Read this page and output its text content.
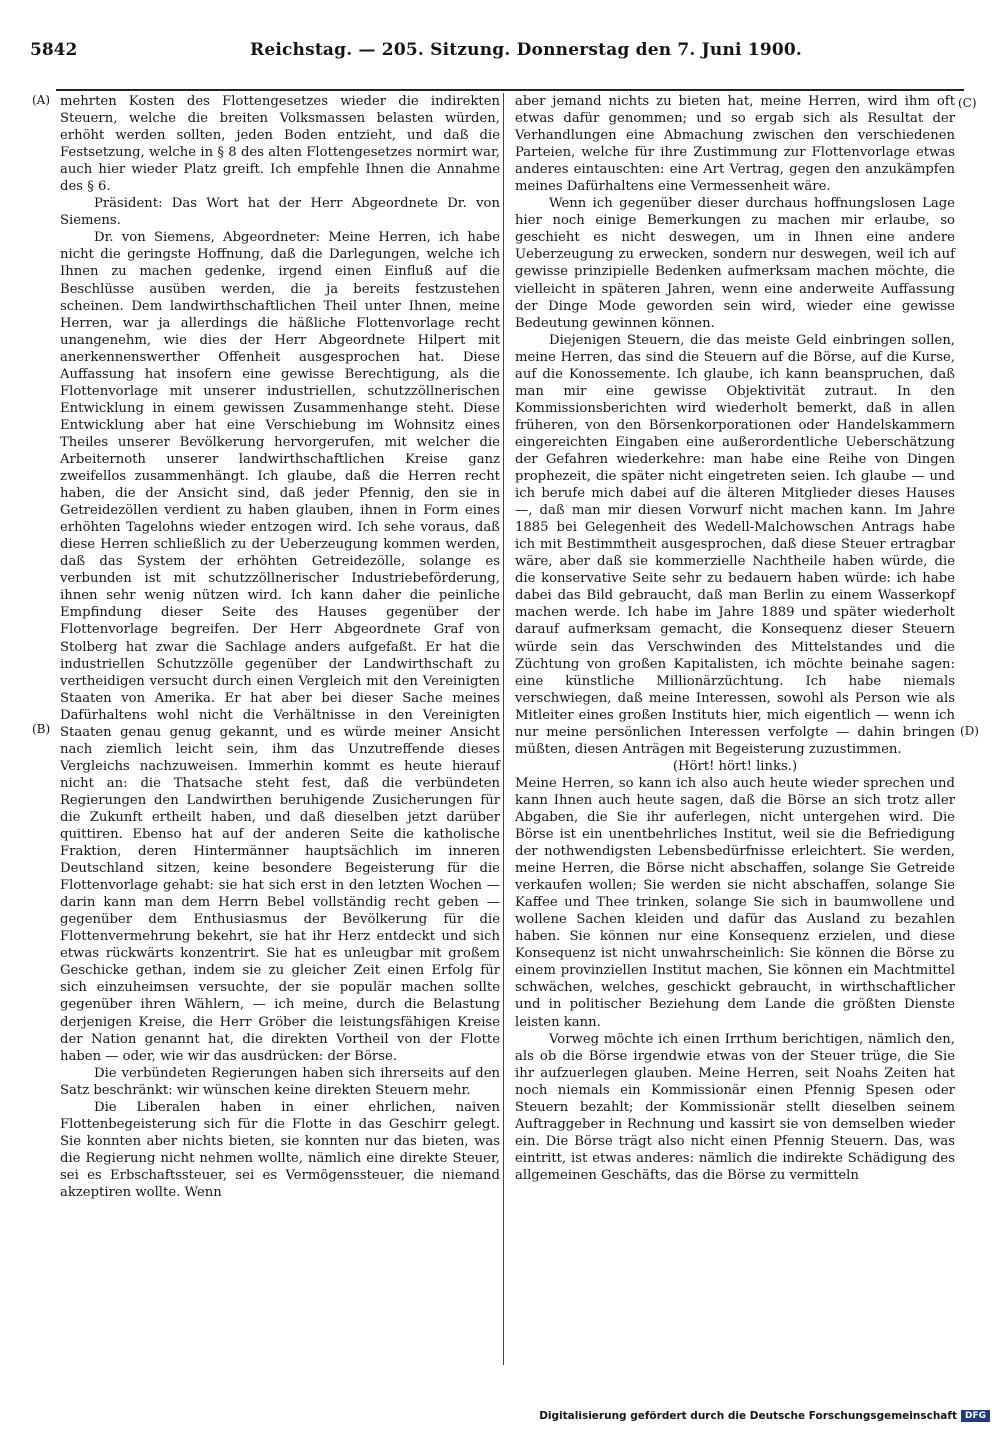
5842	Reichstag. — 205. Sitzung. Donnerstag den 7. Juni 1900.
(A)
(B)
(C)
(D)

mehrten Kosten des Flottengesetzes wieder die indirekten Steuern, welche die breiten Volksmassen belasten würden, erhöht werden sollten, jeden Boden entzieht, und daß die Festsetzung, welche in § 8 des alten Flottengesetzes normirt war, auch hier wieder Platz greift. Ich empfehle Ihnen die Annahme des § 6.

Präsident: Das Wort hat der Herr Abgeordnete Dr. von Siemens.

Dr. von Siemens, Abgeordneter: Meine Herren, ich habe nicht die geringste Hoffnung, daß die Darlegungen, welche ich Ihnen zu machen gedenke, irgend einen Einfluß auf die Beschlüsse ausüben werden, die ja bereits festzustehen scheinen. Dem landwirthschaftlichen Theil unter Ihnen, meine Herren, war ja allerdings die häßliche Flottenvorlage recht unangenehm, wie dies der Herr Abgeordnete Hilpert mit anerkennenswerther Offenheit ausgesprochen hat. Diese Auffassung hat insofern eine gewisse Berechtigung, als die Flottenvorlage mit unserer industriellen, schutzzöllnerischen Entwicklung in einem gewissen Zusammenhange steht. Diese Entwicklung aber hat eine Verschiebung im Wohnsitz eines Theiles unserer Bevölkerung hervorgerufen, mit welcher die Arbeiternoth unserer landwirthschaftlichen Kreise ganz zweifellos zusammenhängt. Ich glaube, daß die Herren recht haben, die der Ansicht sind, daß jeder Pfennig, den sie in Getreidezöllen verdient zu haben glauben, ihnen in Form eines erhöhten Tagelohns wieder entzogen wird. Ich sehe voraus, daß diese Herren schließlich zu der Ueberzeugung kommen werden, daß das System der erhöhten Getreidezölle, solange es verbunden ist mit schutzzöllnerischer Industriebeförderung, ihnen sehr wenig nützen wird. Ich kann daher die peinliche Empfindung dieser Seite des Hauses gegenüber der Flottenvorlage begreifen. Der Herr Abgeordnete Graf von Stolberg hat zwar die Sachlage anders aufgefaßt. Er hat die industriellen Schutzzölle gegenüber der Landwirthschaft zu vertheidigen versucht durch einen Vergleich mit den Vereinigten Staaten von Amerika. Er hat aber bei dieser Sache meines Dafürhaltens wohl nicht die Verhältnisse in den Vereinigten Staaten genau genug gekannt, und es würde meiner Ansicht nach ziemlich leicht sein, ihm das Unzutreffende dieses Vergleichs nachzuweisen. Immerhin kommt es heute hierauf nicht an: die Thatsache steht fest, daß die verbündeten Regierungen den Landwirthen beruhigende Zusicherungen für die Zukunft ertheilt haben, und daß dieselben jetzt darüber quittiren. Ebenso hat auf der anderen Seite die katholische Fraktion, deren Hintermänner hauptsächlich im inneren Deutschland sitzen, keine besondere Begeisterung für die Flottenvorlage gehabt: sie hat sich erst in den letzten Wochen — darin kann man dem Herrn Bebel vollständig recht geben — gegenüber dem Enthusiasmus der Bevölkerung für die Flottenvermehrung bekehrt, sie hat ihr Herz entdeckt und sich etwas rückwärts konzentrirt. Sie hat es unleugbar mit großem Geschicke gethan, indem sie zu gleicher Zeit einen Erfolg für sich einzuheimsen versuchte, der sie populär machen sollte gegenüber ihren Wählern, — ich meine, durch die Belastung derjenigen Kreise, die Herr Gröber die leistungsfähigen Kreise der Nation genannt hat, die direkten Vortheil von der Flotte haben — oder, wie wir das ausdrücken: der Börse.

Die verbündeten Regierungen haben sich ihrerseits auf den Satz beschränkt: wir wünschen keine direkten Steuern mehr.

Die Liberalen haben in einer ehrlichen, naiven Flottenbegeisterung sich für die Flotte in das Geschirr gelegt. Sie konnten aber nichts bieten, sie konnten nur das bieten, was die Regierung nicht nehmen wollte, nämlich eine direkte Steuer, sei es Erbschaftssteuer, sei es Vermögenssteuer, die niemand akzeptiren wollte. Wenn

aber jemand nichts zu bieten hat, meine Herren, wird ihm oft etwas dafür genommen; und so ergab sich als Resultat der Verhandlungen eine Abmachung zwischen den verschiedenen Parteien, welche für ihre Zustimmung zur Flottenvorlage etwas anderes eintauschten: eine Art Vertrag, gegen den anzukämpfen meines Dafürhaltens eine Vermessenheit wäre.

Wenn ich gegenüber dieser durchaus hoffnungslosen Lage hier noch einige Bemerkungen zu machen mir erlaube, so geschieht es nicht deswegen, um in Ihnen eine andere Ueberzeugung zu erwecken, sondern nur deswegen, weil ich auf gewisse prinzipielle Bedenken aufmerksam machen möchte, die vielleicht in späteren Jahren, wenn eine anderweite Auffassung der Dinge Mode geworden sein wird, wieder eine gewisse Bedeutung gewinnen können.

Diejenigen Steuern, die das meiste Geld einbringen sollen, meine Herren, das sind die Steuern auf die Börse, auf die Kurse, auf die Konossemente. Ich glaube, ich kann beanspruchen, daß man mir eine gewisse Objektivität zutraut. In den Kommissionsberichten wird wiederholt bemerkt, daß in allen früheren, von den Börsenkorporationen oder Handelskammern eingereichten Eingaben eine außerordentliche Ueberschätzung der Gefahren wiederkehre: man habe eine Reihe von Dingen prophezeit, die später nicht eingetreten seien. Ich glaube — und ich berufe mich dabei auf die älteren Mitglieder dieses Hauses —, daß man mir diesen Vorwurf nicht machen kann. Im Jahre 1885 bei Gelegenheit des Wedell-Malchowschen Antrags habe ich mit Bestimmtheit ausgesprochen, daß diese Steuer ertragbar wäre, aber daß sie kommerzielle Nachtheile haben würde, die die konservative Seite sehr zu bedauern haben würde: ich habe dabei das Bild gebraucht, daß man Berlin zu einem Wasserkopf machen werde. Ich habe im Jahre 1889 und später wiederholt darauf aufmerksam gemacht, die Konsequenz dieser Steuern würde sein das Verschwinden des Mittelstandes und die Züchtung von großen Kapitalisten, ich möchte beinahe sagen: eine künstliche Millionärzüchtung. Ich habe niemals verschwiegen, daß meine Interessen, sowohl als Person wie als Mitleiter eines großen Instituts hier, mich eigentlich — wenn ich nur meine persönlichen Interessen verfolgte — dahin bringen müßten, diesen Anträgen mit Begeisterung zuzustimmen.

(Hört! hört! links.)

Meine Herren, so kann ich also auch heute wieder sprechen und kann Ihnen auch heute sagen, daß die Börse an sich trotz aller Abgaben, die Sie ihr auferlegen, nicht untergehen wird. Die Börse ist ein unentbehrliches Institut, weil sie die Befriedigung der nothwendigsten Lebensbedürfnisse erleichtert. Sie werden, meine Herren, die Börse nicht abschaffen, solange Sie Getreide verkaufen wollen; Sie werden sie nicht abschaffen, solange Sie Kaffee und Thee trinken, solange Sie sich in baumwollene und wollene Sachen kleiden und dafür das Ausland zu bezahlen haben. Sie können nur eine Konsequenz erzielen, und diese Konsequenz ist nicht unwahrscheinlich: Sie können die Börse zu einem provinziellen Institut machen, Sie können ein Machtmittel schwächen, welches, geschickt gebraucht, in wirthschaftlicher und in politischer Beziehung dem Lande die größten Dienste leisten kann.

Vorweg möchte ich einen Irrthum berichtigen, nämlich den, als ob die Börse irgendwie etwas von der Steuer trüge, die Sie ihr aufzuerlegen glauben. Meine Herren, seit Noahs Zeiten hat noch niemals ein Kommissionär einen Pfennig Spesen oder Steuern bezahlt; der Kommissionär stellt dieselben seinem Auftraggeber in Rechnung und kassirt sie von demselben wieder ein. Die Börse trägt also nicht einen Pfennig Steuern. Das, was eintritt, ist etwas anderes: nämlich die indirekte Schädigung des allgemeinen Geschäfts, das die Börse zu vermitteln

Digitalisierung gefördert durch die Deutsche Forschungsgemeinschaft DFG
